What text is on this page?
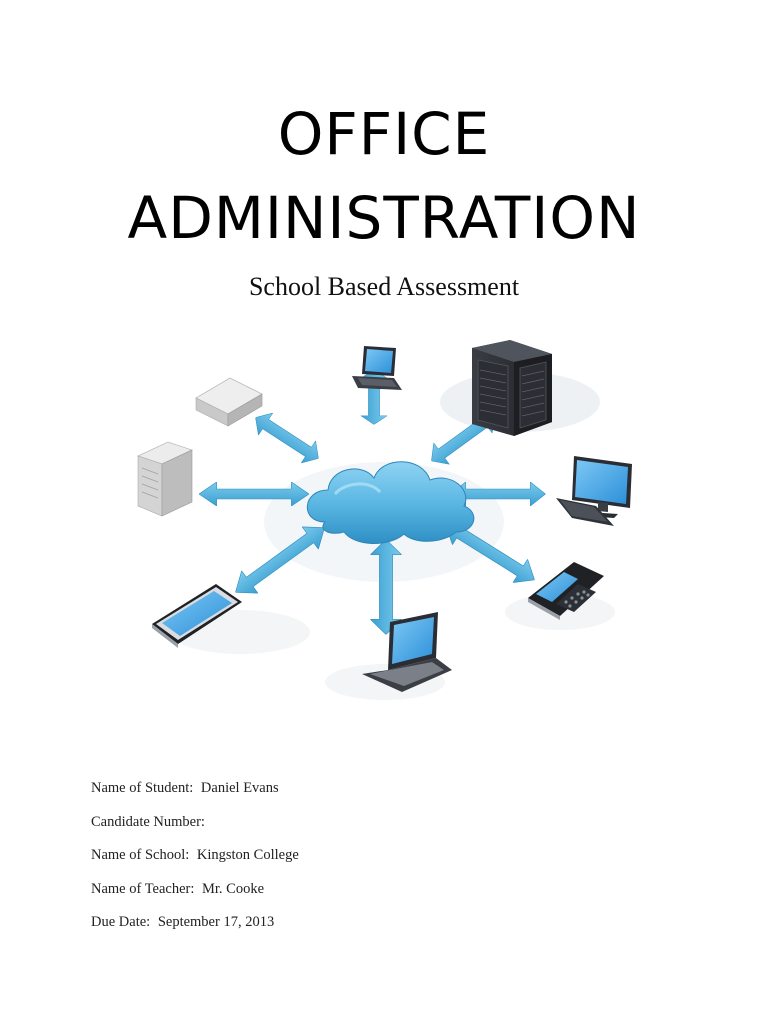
OFFICE
ADMINISTRATION
School Based Assessment
Name of Student: Daniel Evans
Candidate Number:
Name of School: Kingston College
Name of Teacher: Mr. Cooke
Due Date: September 17, 2013
